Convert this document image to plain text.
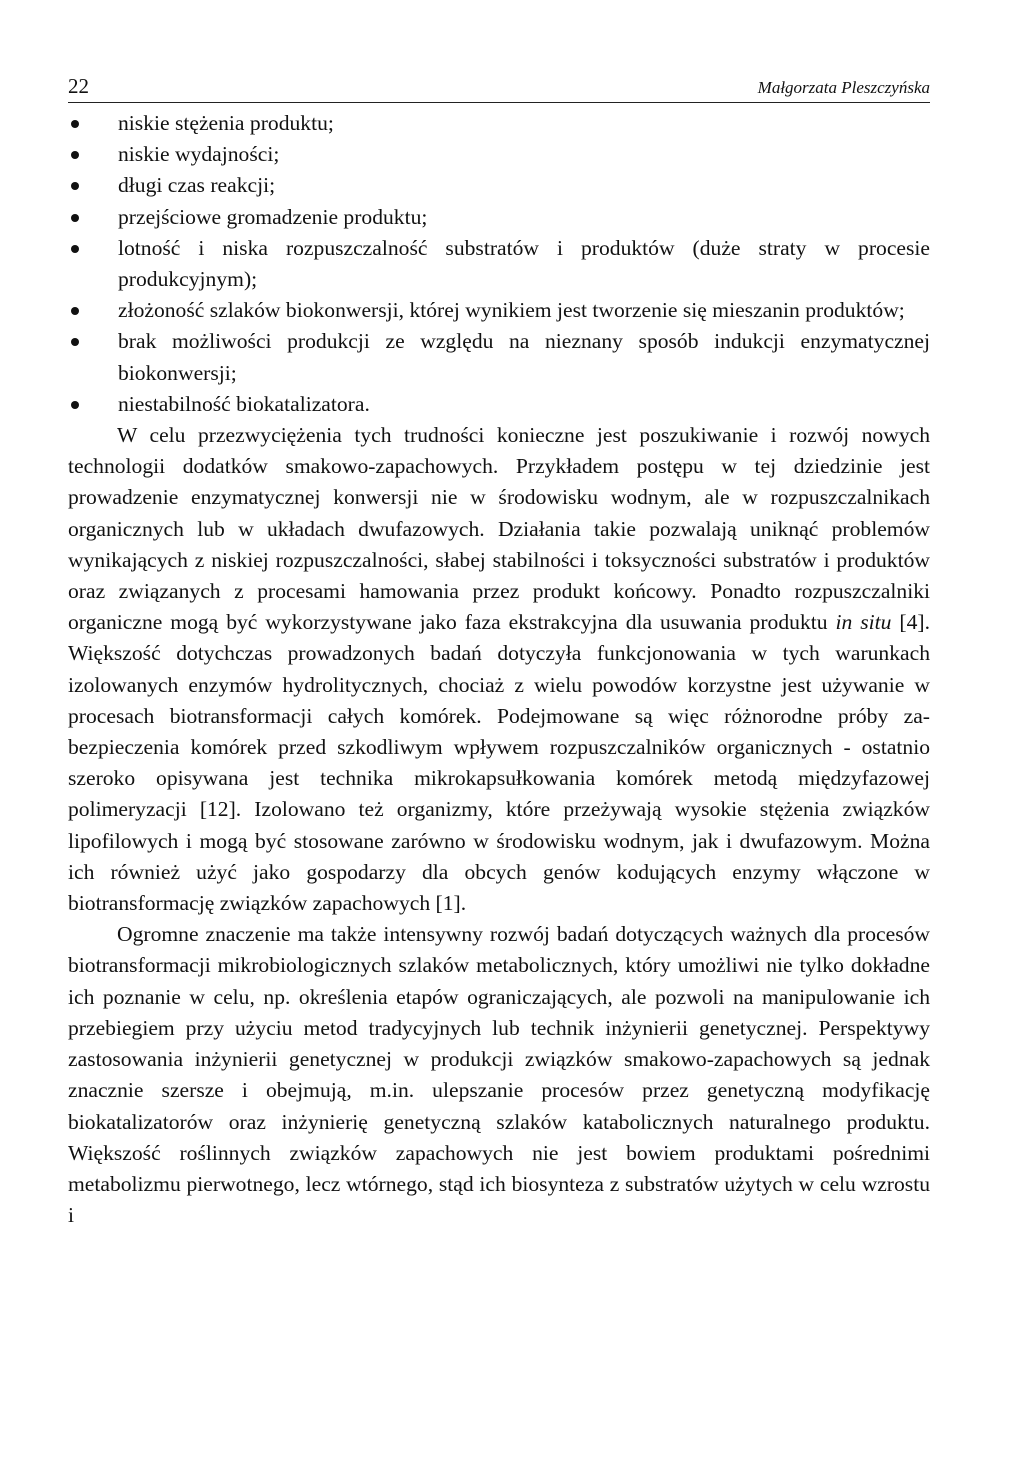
22	Małgorzata Pleszczyńska
niskie stężenia produktu;
niskie wydajności;
długi czas reakcji;
przejściowe gromadzenie produktu;
lotność i niska rozpuszczalność substratów i produktów (duże straty w procesie produkcyjnym);
złożoność szlaków biokonwersji, której wynikiem jest tworzenie się mieszanin produktów;
brak możliwości produkcji ze względu na nieznany sposób indukcji enzymatycznej biokonwersji;
niestabilność biokatalizatora.

W celu przezwyciężenia tych trudności konieczne jest poszukiwanie i rozwój nowych technologii dodatków smakowo-zapachowych. Przykładem postępu w tej dziedzinie jest prowadzenie enzymatycznej konwersji nie w środowisku wodnym, ale w rozpuszczalnikach organicznych lub w układach dwufazowych. Działania takie pozwalają uniknąć problemów wynikających z niskiej rozpuszczalności, słabej stabilności i toksyczności substratów i produktów oraz związanych z procesami hamowania przez produkt końcowy. Ponadto rozpuszczalniki organiczne mogą być wykorzystywane jako faza ekstrakcyjna dla usuwania produktu in situ [4]. Większość dotychczas prowadzonych badań dotyczyła funkcjonowania w tych warunkach izolowanych enzymów hydrolitycznych, chociaż z wielu powodów korzystne jest używanie w procesach biotransformacji całych komórek. Podejmowane są więc różnorodne próby zabezpieczenia komórek przed szkodliwym wpływem rozpuszczalników organicznych - ostatnio szeroko opisywana jest technika mikrokapsułkowania komórek metodą międzyfazowej polimeryzacji [12]. Izolowano też organizmy, które przeżywają wysokie stężenia związków lipofilowych i mogą być stosowane zarówno w środowisku wodnym, jak i dwufazowym. Można ich również użyć jako gospodarzy dla obcych genów kodujących enzymy włączone w biotransformację związków zapachowych [1].

Ogromne znaczenie ma także intensywny rozwój badań dotyczących ważnych dla procesów biotransformacji mikrobiologicznych szlaków metabolicznych, który umożliwi nie tylko dokładne ich poznanie w celu, np. określenia etapów ograniczających, ale pozwoli na manipulowanie ich przebiegiem przy użyciu metod tradycyjnych lub technik inżynierii genetycznej. Perspektywy zastosowania inżynierii genetycznej w produkcji związków smakowo-zapachowych są jednak znacznie szersze i obejmują, m.in. ulepszanie procesów przez genetyczną modyfikację biokatalizatorów oraz inżynierię genetyczną szlaków katabolicznych naturalnego produktu. Większość roślinnych związków zapachowych nie jest bowiem produktami pośrednimi metabolizmu pierwotnego, lecz wtórnego, stąd ich biosynteza z substratów użytych w celu wzrostu i
